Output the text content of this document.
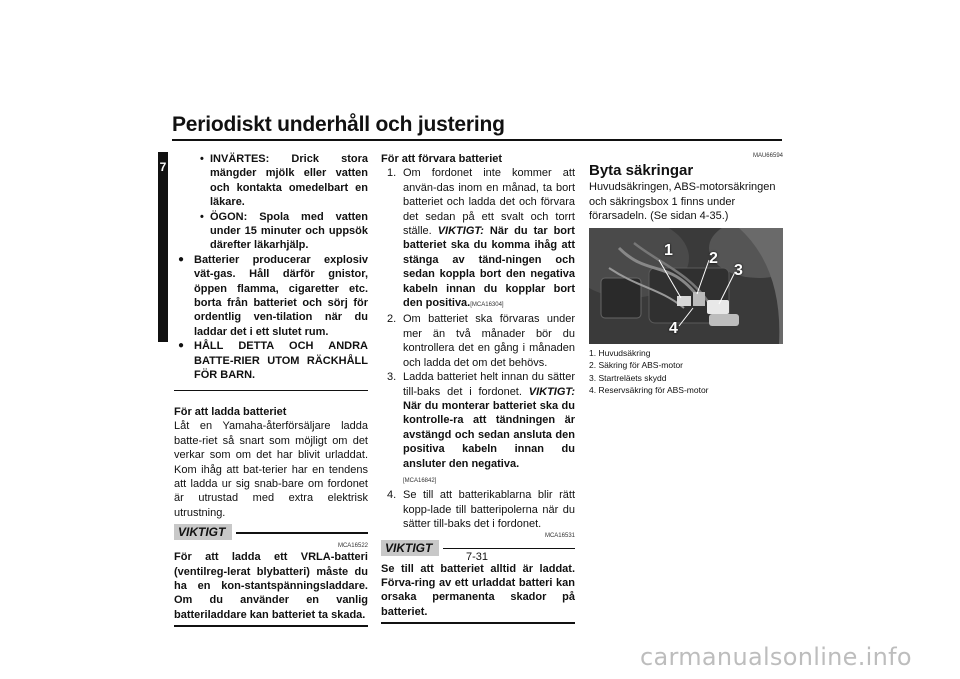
Periodiskt underhåll och justering
7
• INVÄRTES: Drick stora mängder mjölk eller vatten och kontakta omedelbart en läkare.
• ÖGON: Spola med vatten under 15 minuter och uppsök därefter läkarhjälp.
● Batterier producerar explosiv vät-gas. Håll därför gnistor, öppen flamma, cigaretter etc. borta från batteriet och sörj för ordentlig ven-tilation när du laddar det i ett slutet rum.
● HÅLL DETTA OCH ANDRA BATTE-RIER UTOM RÄCKHÅLL FÖR BARN.

För att ladda batteriet

Låt en Yamaha-återförsäljare ladda batte-riet så snart som möjligt om det verkar som om det har blivit urladdat. Kom ihåg att bat-terier har en tendens att ladda ur sig snab-bare om fordonet är utrustad med extra elektrisk utrustning.

VIKTIGT
MCA16522

För att ladda ett VRLA-batteri (ventilreg-lerat blybatteri) måste du ha en kon-stantspänningsladdare. Om du använder en vanlig batteriladdare kan batteriet ta skada.

För att förvara batteriet

1. Om fordonet inte kommer att använ-das inom en månad, ta bort batteriet och ladda det och förvara det sedan på ett svalt och torrt ställe. VIKTIGT: När du tar bort batteriet ska du komma ihåg att stänga av tänd-ningen och sedan koppla bort den negativa kabeln innan du kopplar bort den positiva.[MCA16304]
2. Om batteriet ska förvaras under mer än två månader bör du kontrollera det en gång i månaden och ladda det om det behövs.
3. Ladda batteriet helt innan du sätter till-baks det i fordonet. VIKTIGT: När du monterar batteriet ska du kontrolle-ra att tändningen är avstängd och sedan ansluta den positiva kabeln innan du ansluter den negativa.
[MCA16842]
4. Se till att batterikablarna blir rätt kopp-lade till batteripolerna när du sätter till-baks det i fordonet.
MCA16531
VIKTIGT

Se till att batteriet alltid är laddat. Förva-ring av ett urladdat batteri kan orsaka permanenta skador på batteriet.

MAU66594
Byta säkringar

Huvudsäkringen, ABS-motorsäkringen och säkringsbox 1 finns under förarsadeln. (Se sidan 4-35.)

1 2
3
4
1. Huvudsäkring
2. Säkring för ABS-motor
3. Startreläets skydd
4. Reservsäkring för ABS-motor
7-31
carmanualsonline.info
